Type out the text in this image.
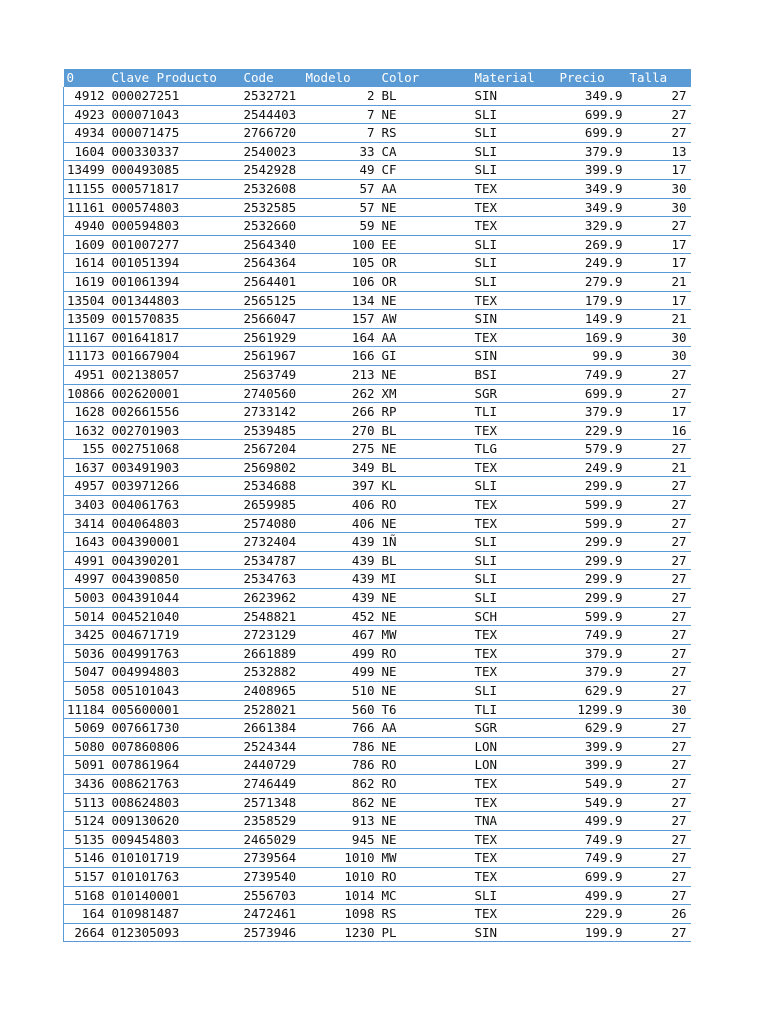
0	Clave Producto	Code	Modelo	Color	Material	Precio	Talla
4912	000027251	2532721	2	BL	SIN	349.9	27
4923	000071043	2544403	7	NE	SLI	699.9	27
4934	000071475	2766720	7	RS	SLI	699.9	27
1604	000330337	2540023	33	CA	SLI	379.9	13
13499	000493085	2542928	49	CF	SLI	399.9	17
11155	000571817	2532608	57	AA	TEX	349.9	30
11161	000574803	2532585	57	NE	TEX	349.9	30
4940	000594803	2532660	59	NE	TEX	329.9	27
1609	001007277	2564340	100	EE	SLI	269.9	17
1614	001051394	2564364	105	OR	SLI	249.9	17
1619	001061394	2564401	106	OR	SLI	279.9	21
13504	001344803	2565125	134	NE	TEX	179.9	17
13509	001570835	2566047	157	AW	SIN	149.9	21
11167	001641817	2561929	164	AA	TEX	169.9	30
11173	001667904	2561967	166	GI	SIN	99.9	30
4951	002138057	2563749	213	NE	BSI	749.9	27
10866	002620001	2740560	262	XM	SGR	699.9	27
1628	002661556	2733142	266	RP	TLI	379.9	17
1632	002701903	2539485	270	BL	TEX	229.9	16
155	002751068	2567204	275	NE	TLG	579.9	27
1637	003491903	2569802	349	BL	TEX	249.9	21
4957	003971266	2534688	397	KL	SLI	299.9	27
3403	004061763	2659985	406	RO	TEX	599.9	27
3414	004064803	2574080	406	NE	TEX	599.9	27
1643	004390001	2732404	439	1Ñ	SLI	299.9	27
4991	004390201	2534787	439	BL	SLI	299.9	27
4997	004390850	2534763	439	MI	SLI	299.9	27
5003	004391044	2623962	439	NE	SLI	299.9	27
5014	004521040	2548821	452	NE	SCH	599.9	27
3425	004671719	2723129	467	MW	TEX	749.9	27
5036	004991763	2661889	499	RO	TEX	379.9	27
5047	004994803	2532882	499	NE	TEX	379.9	27
5058	005101043	2408965	510	NE	SLI	629.9	27
11184	005600001	2528021	560	T6	TLI	1299.9	30
5069	007661730	2661384	766	AA	SGR	629.9	27
5080	007860806	2524344	786	NE	LON	399.9	27
5091	007861964	2440729	786	RO	LON	399.9	27
3436	008621763	2746449	862	RO	TEX	549.9	27
5113	008624803	2571348	862	NE	TEX	549.9	27
5124	009130620	2358529	913	NE	TNA	499.9	27
5135	009454803	2465029	945	NE	TEX	749.9	27
5146	010101719	2739564	1010	MW	TEX	749.9	27
5157	010101763	2739540	1010	RO	TEX	699.9	27
5168	010140001	2556703	1014	MC	SLI	499.9	27
164	010981487	2472461	1098	RS	TEX	229.9	26
2664	012305093	2573946	1230	PL	SIN	199.9	27
